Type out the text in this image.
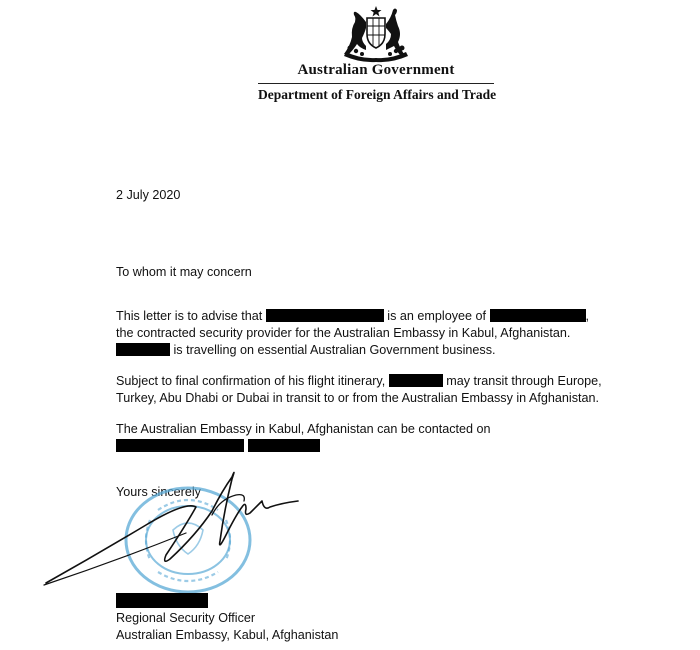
Australian Government
Department of Foreign Affairs and Trade
2 July 2020
To whom it may concern
This letter is to advise that	is an employee of	, the contracted security provider for the Australian Embassy in Kabul, Afghanistan.  is travelling on essential Australian Government business.
Subject to final confirmation of his flight itinerary,	may transit through Europe, Turkey, Abu Dhabi or Dubai in transit to or from the Australian Embassy in Afghanistan.
The Australian Embassy in Kabul, Afghanistan can be contacted on
Yours sincerely
Regional Security Officer
Australian Embassy, Kabul, Afghanistan
